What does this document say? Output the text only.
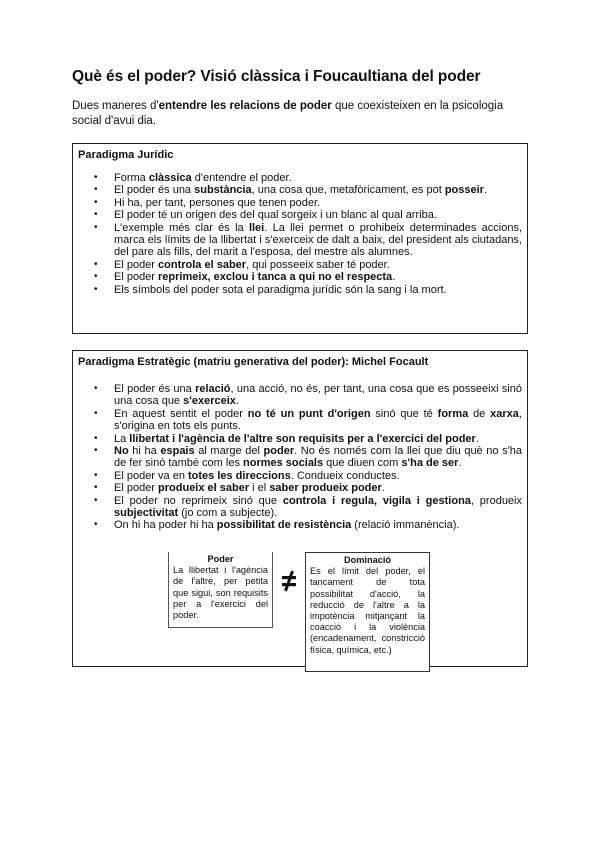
Què és el poder? Visió clàssica i Foucaultiana del poder

Dues maneres d'entendre les relacions de poder que coexisteixen en la psicologia social d'avui dia.

Paradigma Jurídic
• Forma clàssica d'entendre el poder.
• El poder és una substància, una cosa que, metafòricament, es pot posseir.
• Hi ha, per tant, persones que tenen poder.
• El poder té un origen des del qual sorgeix i un blanc al qual arriba.
• L'exemple més clar és la llei. La llei permet o prohibeix determinades accions, marca els límits de la llibertat i s'exerceix de dalt a baix, del president als ciutadans, del pare als fills, del marit a l'esposa, del mestre als alumnes.
• El poder controla el saber, qui posseeix saber té poder.
• El poder reprimeix, exclou i tanca a qui no el respecta.
• Els símbols del poder sota el paradigma jurídic són la sang i la mort.
Paradigma Estratègic (matriu generativa del poder): Michel Focault
• El poder és una relació, una acció, no és, per tant, una cosa que es posseeixi sinó una cosa que s'exerceix.
• En aquest sentit el poder no té un punt d'origen sinó que té forma de xarxa, s'origina en tots els punts.
• La llibertat i l'agència de l'altre son requisits per a l'exercici del poder.
• No hi ha espais al marge del poder. No és només com la llei que diu què no s'ha de fer sinó també com les normes socials que diuen com s'ha de ser.
• El poder va en totes les direccions. Condueix conductes.
• El poder produeix el saber i el saber produeix poder.
• El poder no reprimeix sinó que controla i regula, vigila i gestiona, produeix subjectivitat (jo com a subjecte).
• On hi ha poder hi ha possibilitat de resistència (relació immanència).
Poder
La llibertat i l'agència de l'altre, per petita que sigui, son requisits per a l'exercici del poder.
Dominació
Es el límit del poder, el tancament de tota possibilitat d'acció, la reducció de l'altre a la impotència mitjançant la coacció i la violència (encadenament, constricció física, química, etc.)
